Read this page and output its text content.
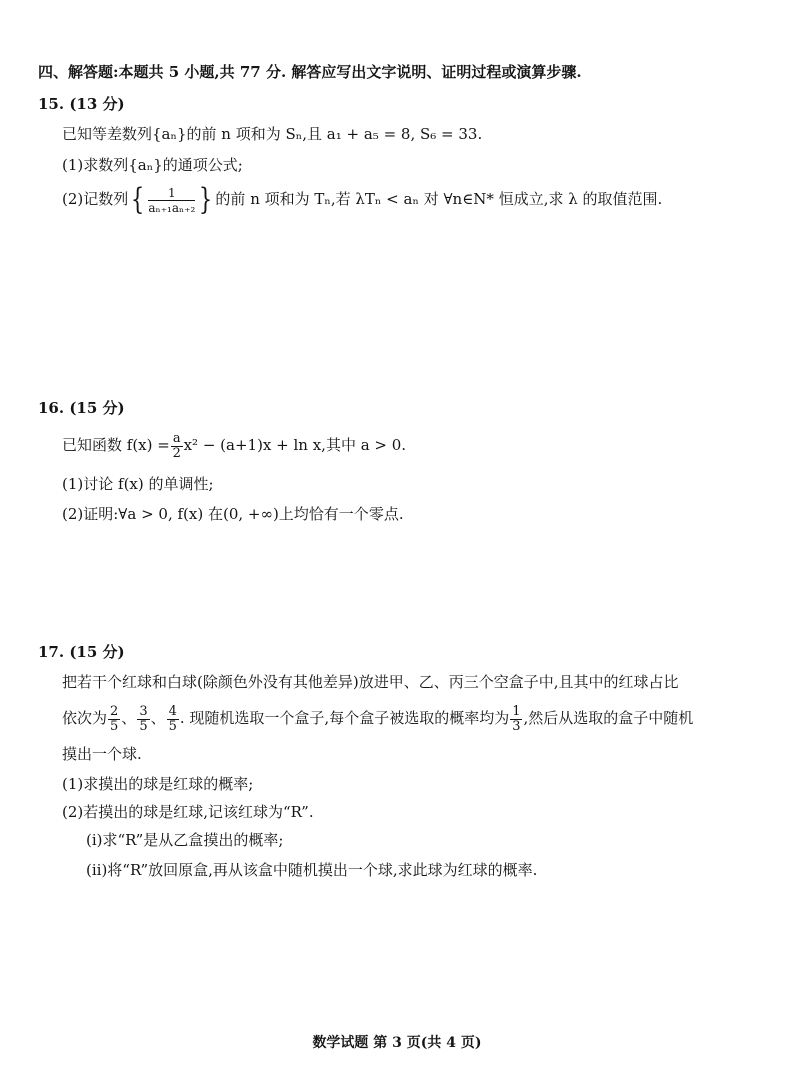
四、解答题:本题共 5 小题,共 77 分. 解答应写出文字说明、证明过程或演算步骤.
15. (13 分)
已知等差数列{aₙ}的前 n 项和为 Sₙ,且 a₁ + a₅ = 8, S₆ = 33.
(1)求数列{aₙ}的通项公式;
(2)记数列{ $\frac{1}{\text{aₙ₊₁aₙ₊₂}}$ } 的前 n 项和为 Tₙ,若 λTₙ < aₙ 对 ∀n∈N* 恒成立,求 λ 的取值范围.
16. (15 分)
已知函数 $f(x) = \frac{a}{2} x^2 - (a+1)x + \ln x$,其中 a > 0.
(1)讨论 f(x) 的单调性;
(2)证明:∀a > 0, f(x) 在(0, +∞)上均恰有一个零点.
17. (15 分)
把若干个红球和白球(除颜色外没有其他差异)放进甲、乙、丙三个空盒子中,且其中的红球占比
依次为 $\frac{2}{5}$ 、 $\frac{3}{5}$ 、 $\frac{4}{5}$ . 现随机选取一个盒子,每个盒子被选取的概率均为 $\frac{1}{3}$ ,然后从选取的盒子中随机
摸出一个球.
(1)求摸出的球是红球的概率;
(2)若摸出的球是红球,记该红球为“R”.
(ⅰ)求“R”是从乙盒摸出的概率;
(ⅱ)将“R”放回原盒,再从该盒中随机摸出一个球,求此球为红球的概率.
数学试题 第 3 页(共 4 页)
